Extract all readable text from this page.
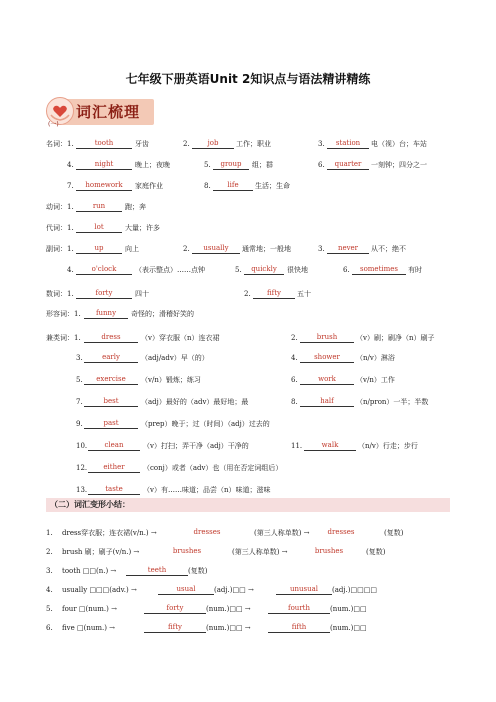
七年级下册英语Unit 2知识点与语法精讲精练
词汇梳理
(一)
名词：1.	tooth	牙齿	2.	job	工作；职业	3.	station	电（视）台；车站
4.	night	晚上；夜晚	5.	group	组；群	6.	quarter	一刻钟；四分之一
7.	homework	家庭作业	8.	life	生活；生命
动词：1.	run	跑；奔
代词：1.	lot	大量；许多
副词：1.	up	向上	2.	usually	通常地；一般地	3.	never	从不；绝不
4.	o'clock	（表示整点）……点钟	5.	quickly	很快地	6.	sometimes	有时
数词：1.	forty	四十	2.	fifty	五十
形容词：1.	funny	奇怪的；滑稽好笑的
兼类词：1.	dress	（v）穿衣服（n）连衣裙	2.	brush	（v）刷；刷净（n）刷子
3.	early	（adj/adv）早（的）	4.	shower	（n/v）淋浴
5.	exercise	（v/n）锻炼；练习	6.	work	（v/n）工作
7.	best	（adj）最好的（adv）最好地；最	8.	half	（n/pron）一半；半数
9.	past	（prep）晚于；过（时间）（adj）过去的
10.	clean	（v）打扫；弄干净（adj）干净的	11.	walk	（n/v）行走；步行
12.	either	（conj）或者（adv）也（用在否定词组后）
13.	taste	（v）有……味道；品尝（n）味道；滋味
（二）词汇变形小结：
1. dress穿衣服；连衣裙(v/n.) →	dresses	(第三人称单数) →	dresses	(复数)
2. brush 刷；刷子(v/n.) →	brushes	(第三人称单数) →	brushes	(复数)
3. tooth □□(n.) →	teeth	(复数)
4. usually □□□(adv.) →	usual	(adj.)□□ →	unusual	(adj.)□□□□
5. four □(num.) →	forty	(num.)□□ →	fourth	(num.)□□
6. five □(num.) →	fifty	(num.)□□ →	fifth	(num.)□□
